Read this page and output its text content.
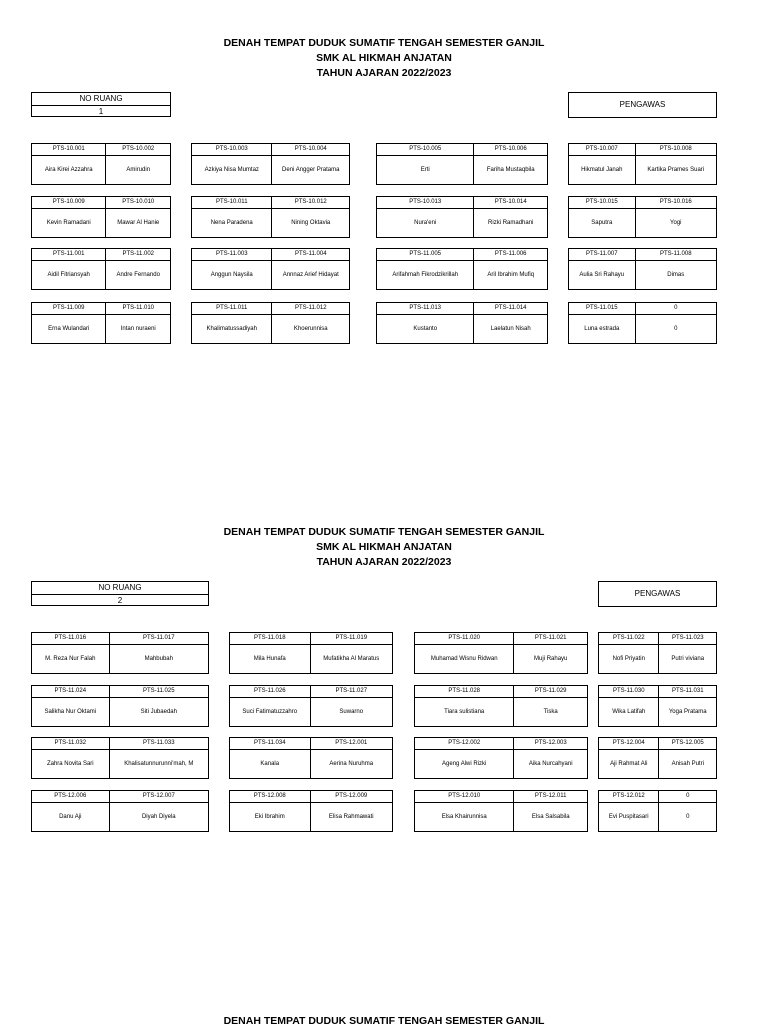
DENAH TEMPAT DUDUK SUMATIF TENGAH SEMESTER GANJIL
SMK AL HIKMAH ANJATAN
TAHUN AJARAN 2022/2023
NO RUANG
1
PENGAWAS
PTS-10.001
Aira Kirei Azzahra
PTS-10.002
Amirudin
PTS-10.003
Azkiya Nisa Mumtaz
PTS-10.004
Deni Angger Pratama
PTS-10.005
Erti
PTS-10.006
Fariha Mustaqbila
PTS-10.007
Hikmatul Janah
PTS-10.008
Kartika Prames Suari
PTS-10.009
Kevin Ramadani
PTS-10.010
Mawar Al Hanie
PTS-10.011
Nena Paradena
PTS-10.012
Nining Oktavia
PTS-10.013
Nura'eni
PTS-10.014
Rizki Ramadhani
PTS-10.015
Saputra
PTS-10.016
Yogi
PTS-11.001
Aidil Fitriansyah
PTS-11.002
Andre Fernando
PTS-11.003
Anggun Naysila
PTS-11.004
Annnaz Arief Hidayat
PTS-11.005
Arifahmah Fikrodzikrillah
PTS-11.006
Aril Ibrahim Mufiq
PTS-11.007
Aulia Sri Rahayu
PTS-11.008
Dimas
PTS-11.009
Erna Wulandari
PTS-11.010
Intan nuraeni
PTS-11.011
Khalimatussadiyah
PTS-11.012
Khoerunnisa
PTS-11.013
Kustanto
PTS-11.014
Laelatun Nisah
PTS-11.015
Luna estrada
0
0
DENAH TEMPAT DUDUK SUMATIF TENGAH SEMESTER GANJIL
SMK AL HIKMAH ANJATAN
TAHUN AJARAN 2022/2023
NO RUANG
2
PENGAWAS
PTS-11.016
M. Reza Nur Falah
PTS-11.017
Mahbubah
PTS-11.018
Mila Hunafa
PTS-11.019
Mufatikha Al Maratus
PTS-11.020
Muhamad Wisnu Ridwan
PTS-11.021
Muji Rahayu
PTS-11.022
Nofi Priyatin
PTS-11.023
Putri viviana
PTS-11.024
Salikha Nur Oktami
PTS-11.025
Siti Jubaedah
PTS-11.026
Suci Fatimatuzzahro
PTS-11.027
Suwarno
PTS-11.028
Tiara sulistiana
PTS-11.029
Tiska
PTS-11.030
Wika Latifah
PTS-11.031
Yoga Pratama
PTS-11.032
Zahra Novita Sari
PTS-11.033
Khalisatunnurunni'mah, M
PTS-11.034
Kanala
PTS-12.001
Aerina Nuruhma
PTS-12.002
Ageng Alwi Rizki
PTS-12.003
Aika Nurcahyani
PTS-12.004
Aji Rahmat Ali
PTS-12.005
Anisah Putri
PTS-12.006
Danu Aji
PTS-12.007
Diyah Diyela
PTS-12.008
Eki Ibrahim
PTS-12.009
Elisa Rahmawati
PTS-12.010
Elsa Khairunnisa
PTS-12.011
Elsa Salsabila
PTS-12.012
Evi Puspitasari
0
0
DENAH TEMPAT DUDUK SUMATIF TENGAH SEMESTER GANJIL
